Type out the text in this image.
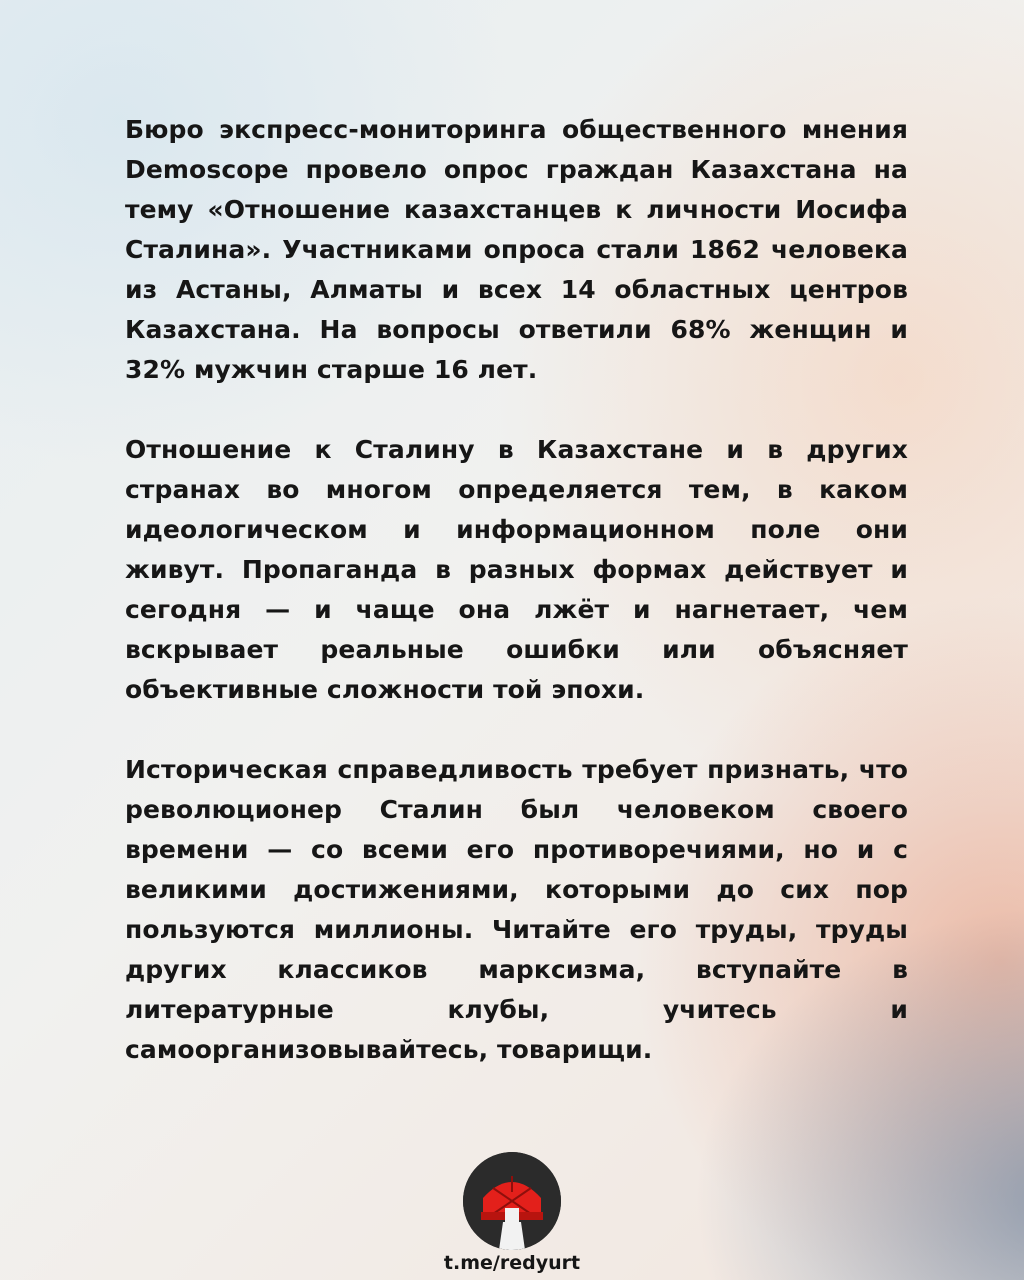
Бюро экспресс-мониторинга общественного мнения Demoscope провело опрос граждан Казахстана на тему «Отношение казахстанцев к личности Иосифа Сталина». Участниками опроса стали 1862 человека из Астаны, Алматы и всех 14 областных центров Казахстана. На вопросы ответили 68% женщин и 32% мужчин старше 16 лет.

Отношение к Сталину в Казахстане и в других странах во многом определяется тем, в каком идеологическом и информационном поле они живут. Пропаганда в разных формах действует и сегодня — и чаще она лжёт и нагнетает, чем вскрывает реальные ошибки или объясняет объективные сложности той эпохи.

Историческая справедливость требует признать, что революционер Сталин был человеком своего времени — со всеми его противоречиями, но и с великими достижениями, которыми до сих пор пользуются миллионы. Читайте его труды, труды других классиков марксизма, вступайте в литературные клубы, учитесь и самоорганизовывайтесь, товарищи.

t.me/redyurt
